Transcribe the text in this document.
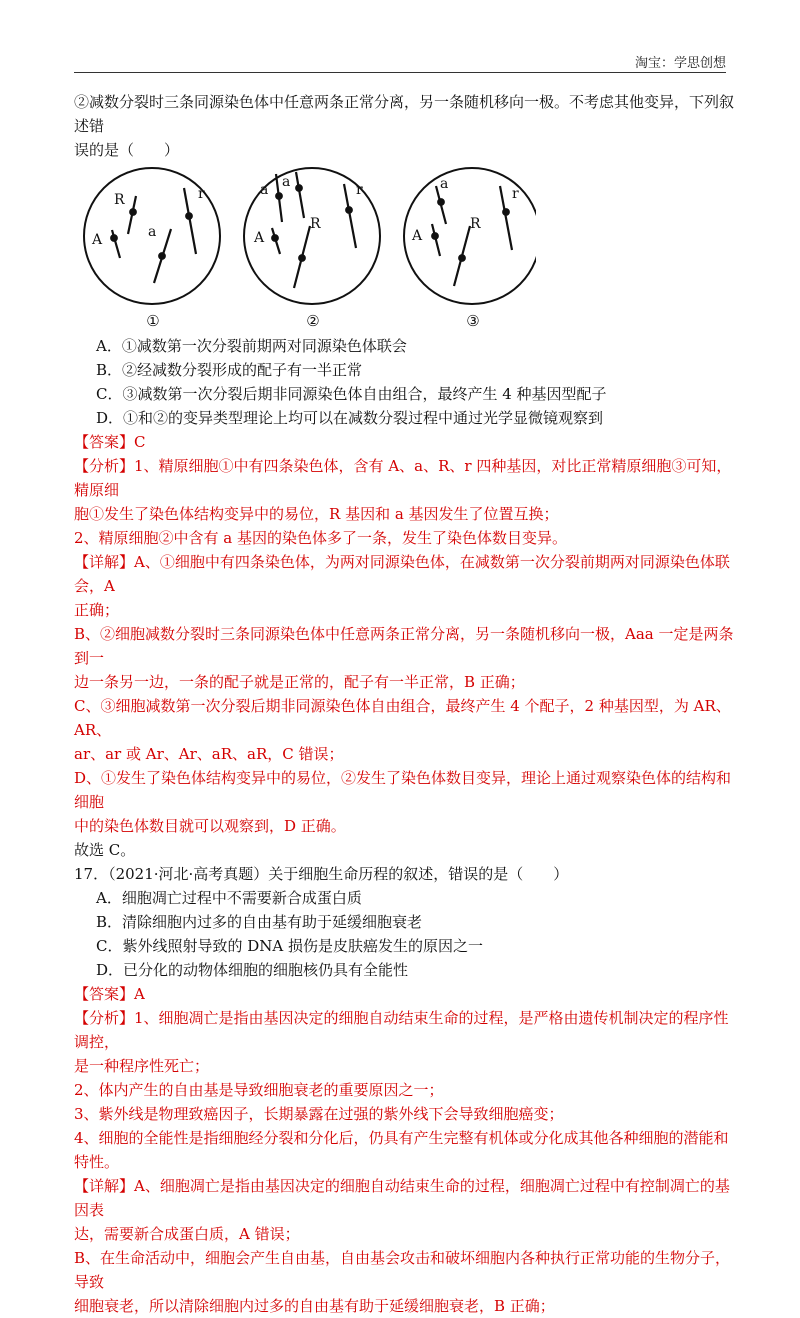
淘宝：学思创想

②减数分裂时三条同源染色体中任意两条正常分离，另一条随机移向一极。不考虑其他变异，下列叙述错

误的是（　　）

R
A	a
r	a a
A
R
r	a
A
R
r
①	②	③

A．①减数第一次分裂前期两对同源染色体联会

B．②经减数分裂形成的配子有一半正常

C．③减数第一次分裂后期非同源染色体自由组合，最终产生 4 种基因型配子

D．①和②的变异类型理论上均可以在减数分裂过程中通过光学显微镜观察到

【答案】C

【分析】1、精原细胞①中有四条染色体，含有 A、a、R、r 四种基因，对比正常精原细胞③可知，精原细

胞①发生了染色体结构变异中的易位，R 基因和 a 基因发生了位置互换；

2、精原细胞②中含有 a 基因的染色体多了一条，发生了染色体数目变异。

【详解】A、①细胞中有四条染色体，为两对同源染色体，在减数第一次分裂前期两对同源染色体联会，A

正确；

B、②细胞减数分裂时三条同源染色体中任意两条正常分离，另一条随机移向一极，Aaa 一定是两条到一

边一条另一边，一条的配子就是正常的，配子有一半正常，B 正确；

C、③细胞减数第一次分裂后期非同源染色体自由组合，最终产生 4 个配子，2 种基因型，为 AR、AR、

ar、ar 或 Ar、Ar、aR、aR，C 错误；

D、①发生了染色体结构变异中的易位，②发生了染色体数目变异，理论上通过观察染色体的结构和细胞

中的染色体数目就可以观察到，D 正确。

故选 C。

17．（2021·河北·高考真题）关于细胞生命历程的叙述，错误的是（　　）

A．细胞凋亡过程中不需要新合成蛋白质

B．清除细胞内过多的自由基有助于延缓细胞衰老

C．紫外线照射导致的 DNA 损伤是皮肤癌发生的原因之一

D．已分化的动物体细胞的细胞核仍具有全能性

【答案】A

【分析】1、细胞凋亡是指由基因决定的细胞自动结束生命的过程，是严格由遗传机制决定的程序性调控，

是一种程序性死亡；

2、体内产生的自由基是导致细胞衰老的重要原因之一；

3、紫外线是物理致癌因子，长期暴露在过强的紫外线下会导致细胞癌变；

4、细胞的全能性是指细胞经分裂和分化后，仍具有产生完整有机体或分化成其他各种细胞的潜能和特性。

【详解】A、细胞凋亡是指由基因决定的细胞自动结束生命的过程，细胞凋亡过程中有控制凋亡的基因表

达，需要新合成蛋白质，A 错误；

B、在生命活动中，细胞会产生自由基，自由基会攻击和破坏细胞内各种执行正常功能的生物分子，导致

细胞衰老，所以清除细胞内过多的自由基有助于延缓细胞衰老，B 正确；
